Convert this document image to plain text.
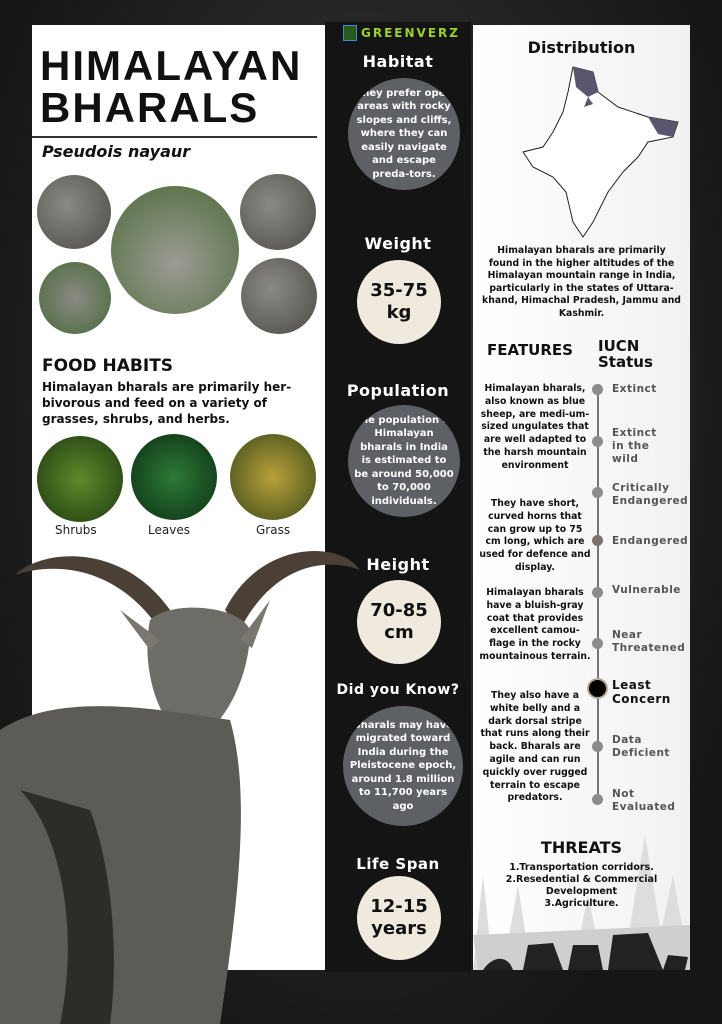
HIMALAYAN
BHARALS
Pseudois nayaur
FOOD HABITS
Himalayan bharals are primarily her-bivorous and feed on a variety of grasses, shrubs, and herbs.
Shrubs	Leaves	Grass
GREENVERZ
Habitat
They prefer open areas with rocky slopes and cliffs, where they can easily navigate and escape preda-tors.
Weight
35-75 kg
Population
The population of Himalayan bharals in India is estimated to be around 50,000 to 70,000 individuals.
Height
70-85 cm
Did you Know?
Bharals may have migrated toward India during the Pleistocene epoch, around 1.8 million to 11,700 years ago
Life Span
12-15 years
Distribution
Himalayan bharals are primarily found in the higher altitudes of the Himalayan mountain range in India, particularly in the states of Uttara-khand, Himachal Pradesh, Jammu and Kashmir.
FEATURES IUCN Status
Himalayan bharals, also known as blue sheep, are medi-um-sized ungulates that are well adapted to the harsh mountain environment
They have short, curved horns that can grow up to 75 cm long, which are used for defence and display.
Himalayan bharals have a bluish-gray coat that provides excellent camou-flage in the rocky mountainous terrain.
They also have a white belly and a dark dorsal stripe that runs along their back. Bharals are agile and can run quickly over rugged terrain to escape predators.
Extinct
Extinct in the wild
Critically Endangered
Endangered
Vulnerable
Near Threatened
Least Concern
Data Deficient
Not Evaluated
THREATS
1.Transportation corridors.
2.Resedential & Commercial Development
3.Agriculture.
